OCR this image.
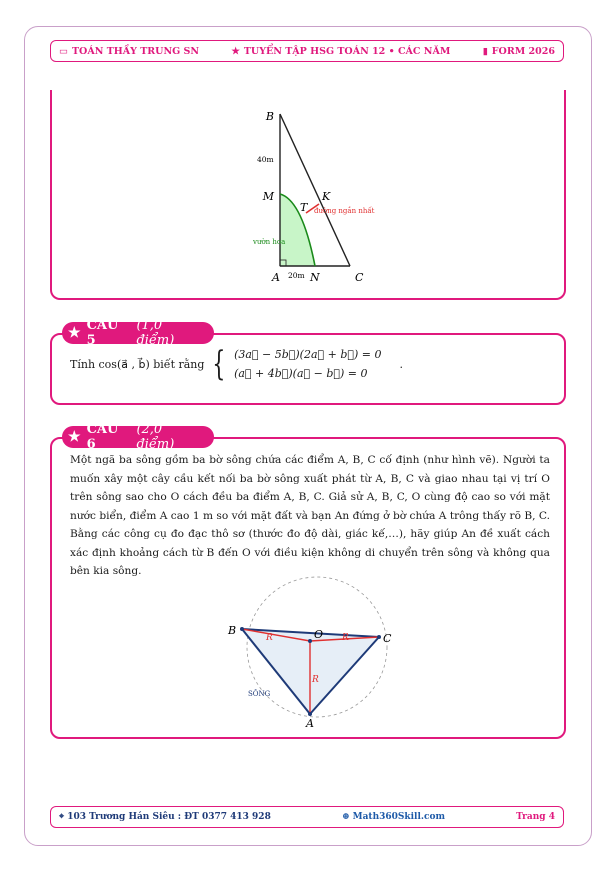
▭ TOÁN THẦY TRUNG SN	★ TUYỂN TẬP HSG TOÁN 12 • CÁC NĂM	▮ FORM 2026
B
M	K
T
A	N	C
40m
20m
đường ngắn nhất
vườn hoa
★ CÂU 5
(1,0 điểm)
Tính cos(a⃗ , b⃗) biết rằng { (3a⃗ − 5b⃗)(2a⃗ + b⃗) = 0
(a⃗ + 4b⃗)(a⃗ − b⃗) = 0
.
B	O	C
A
R	R
R
SÔNG
★ CÂU 6
(2,0 điểm)
Một ngã ba sông gồm ba bờ sông chứa các điểm A, B, C cố định (như hình vẽ). Người ta muốn xây một cây cầu kết nối ba bờ sông xuất phát từ A, B, C và giao nhau tại vị trí O trên sông sao cho O cách đều ba điểm A, B, C. Giả sử A, B, C, O cùng độ cao so với mặt nước biển, điểm A cao 1 m so với mặt đất và bạn An đứng ở bờ chứa A trông thấy rõ B, C. Bằng các công cụ đo đạc thô sơ (thước đo độ dài, giác kế,…), hãy giúp An đề xuất cách xác định khoảng cách từ B đến O với điều kiện không di chuyển trên sông và không qua bên kia sông.
⌖ 103 Trương Hán Siêu : ĐT 0377 413 928	⊕ Math360Skill.com	Trang 4
